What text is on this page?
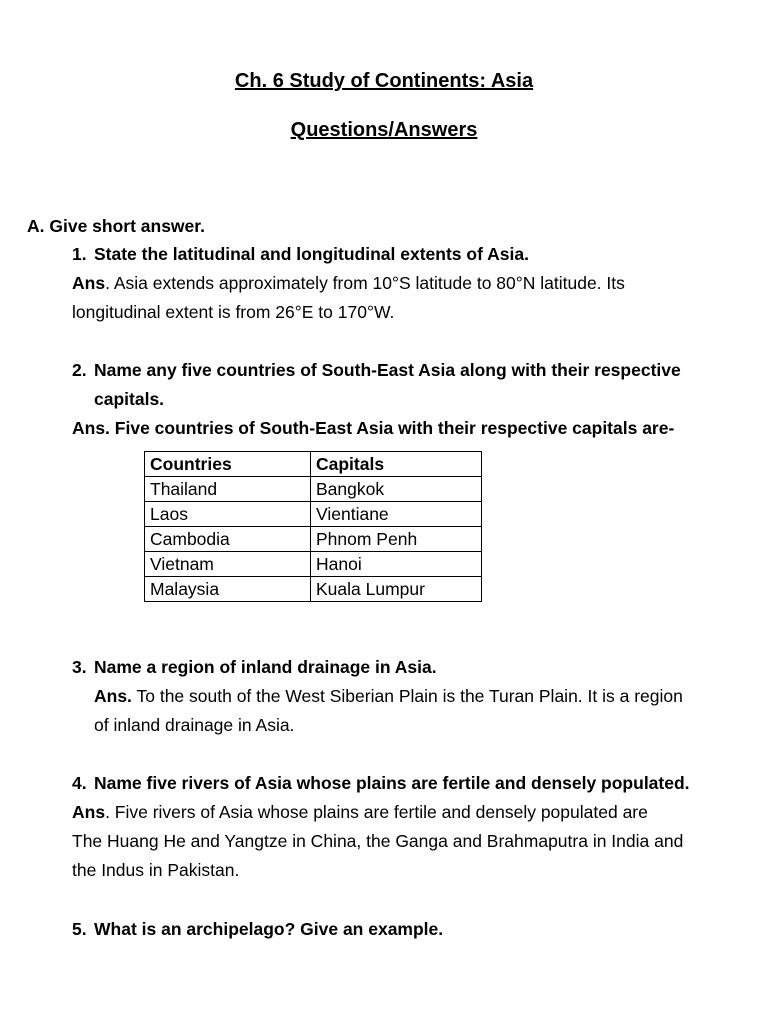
Ch. 6 Study of Continents: Asia
Questions/Answers
A. Give short answer.
1. State the latitudinal and longitudinal extents of Asia.
Ans. Asia extends approximately from 10°S latitude to 80°N latitude. Its
longitudinal extent is from 26°E to 170°W.
2. Name any five countries of South-East Asia along with their respective
capitals.
Ans. Five countries of South-East Asia with their respective capitals are-
Countries	Capitals
Thailand	Bangkok
Laos	Vientiane
Cambodia	Phnom Penh
Vietnam	Hanoi
Malaysia	Kuala Lumpur
3. Name a region of inland drainage in Asia.
Ans. To the south of the West Siberian Plain is the Turan Plain. It is a region
of inland drainage in Asia.
4. Name five rivers of Asia whose plains are fertile and densely populated.
Ans. Five rivers of Asia whose plains are fertile and densely populated are
The Huang He and Yangtze in China, the Ganga and Brahmaputra in India and
the Indus in Pakistan.
5. What is an archipelago? Give an example.
